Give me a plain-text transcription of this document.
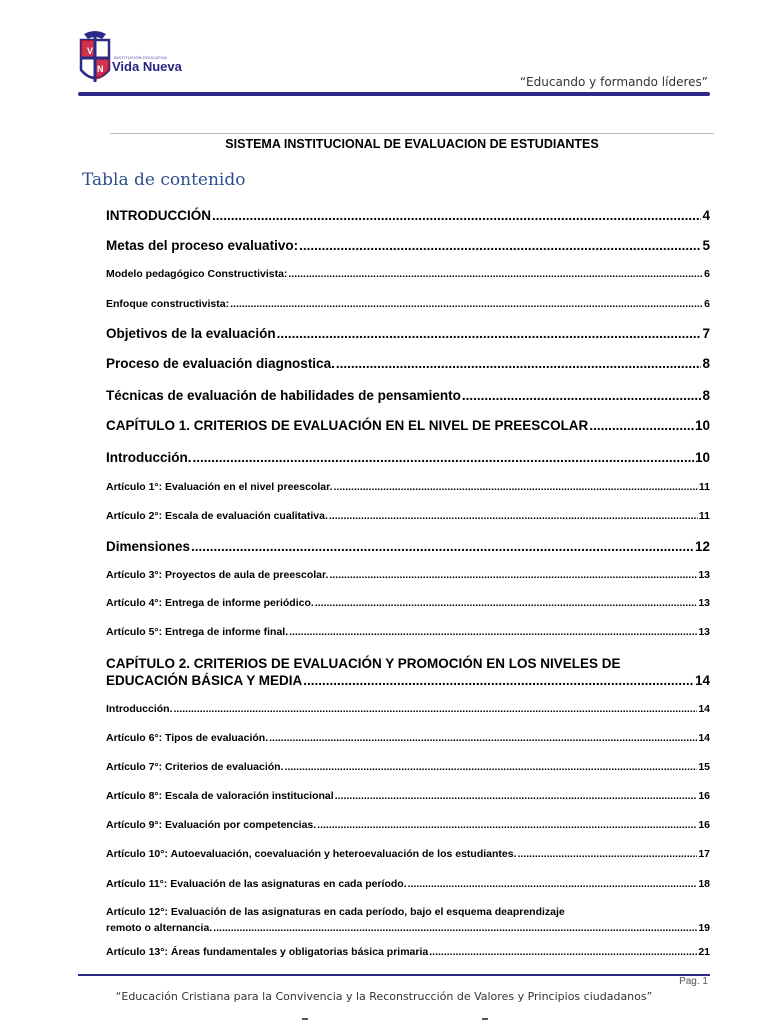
V
N
INSTITUCIÓN EDUCATIVA
Vida Nueva
“Educando y formando líderes”
SISTEMA INSTITUCIONAL DE EVALUACION DE ESTUDIANTES
Tabla de contenido
INTRODUCCIÓN .....	4
Metas del proceso evaluativo: .....	5
Modelo pedagógico Constructivista: .....	6
Enfoque constructivista: .....	6
Objetivos de la evaluación .....	7
Proceso de evaluación diagnostica. .....	8
Técnicas de evaluación de habilidades de pensamiento .....	8
CAPÍTULO 1. CRITERIOS DE EVALUACIÓN EN EL NIVEL DE PREESCOLAR .....	10
Introducción. .....	10
Artículo 1°: Evaluación en el nivel preescolar. .....	11
Artículo 2°: Escala de evaluación cualitativa. .....	11
Dimensiones .....	12
Artículo 3°: Proyectos de aula de preescolar. .....	13
Artículo 4°: Entrega de informe periódico. .....	13
Artículo 5°: Entrega de informe final. .....	13
CAPÍTULO 2. CRITERIOS DE EVALUACIÓN Y PROMOCIÓN EN LOS NIVELES DE
EDUCACIÓN BÁSICA Y MEDIA .....	14
Introducción. .....	14
Artículo 6°: Tipos de evaluación. .....	14
Artículo 7°: Criterios de evaluación. .....	15
Artículo 8°: Escala de valoración institucional .....	16
Artículo 9°: Evaluación por competencias. .....	16
Artículo 10°: Autoevaluación, coevaluación y heteroevaluación de los estudiantes. .....	17
Artículo 11°: Evaluación de las asignaturas en cada período. .....	18
Artículo 12°: Evaluación de las asignaturas en cada período, bajo el esquema deaprendizaje
remoto o alternancia. .....	19
Artículo 13°: Áreas fundamentales y obligatorias básica primaria .....	21
Pag. 1
“Educación Cristiana para la Convivencia y la Reconstrucción de Valores y Principios ciudadanos”
